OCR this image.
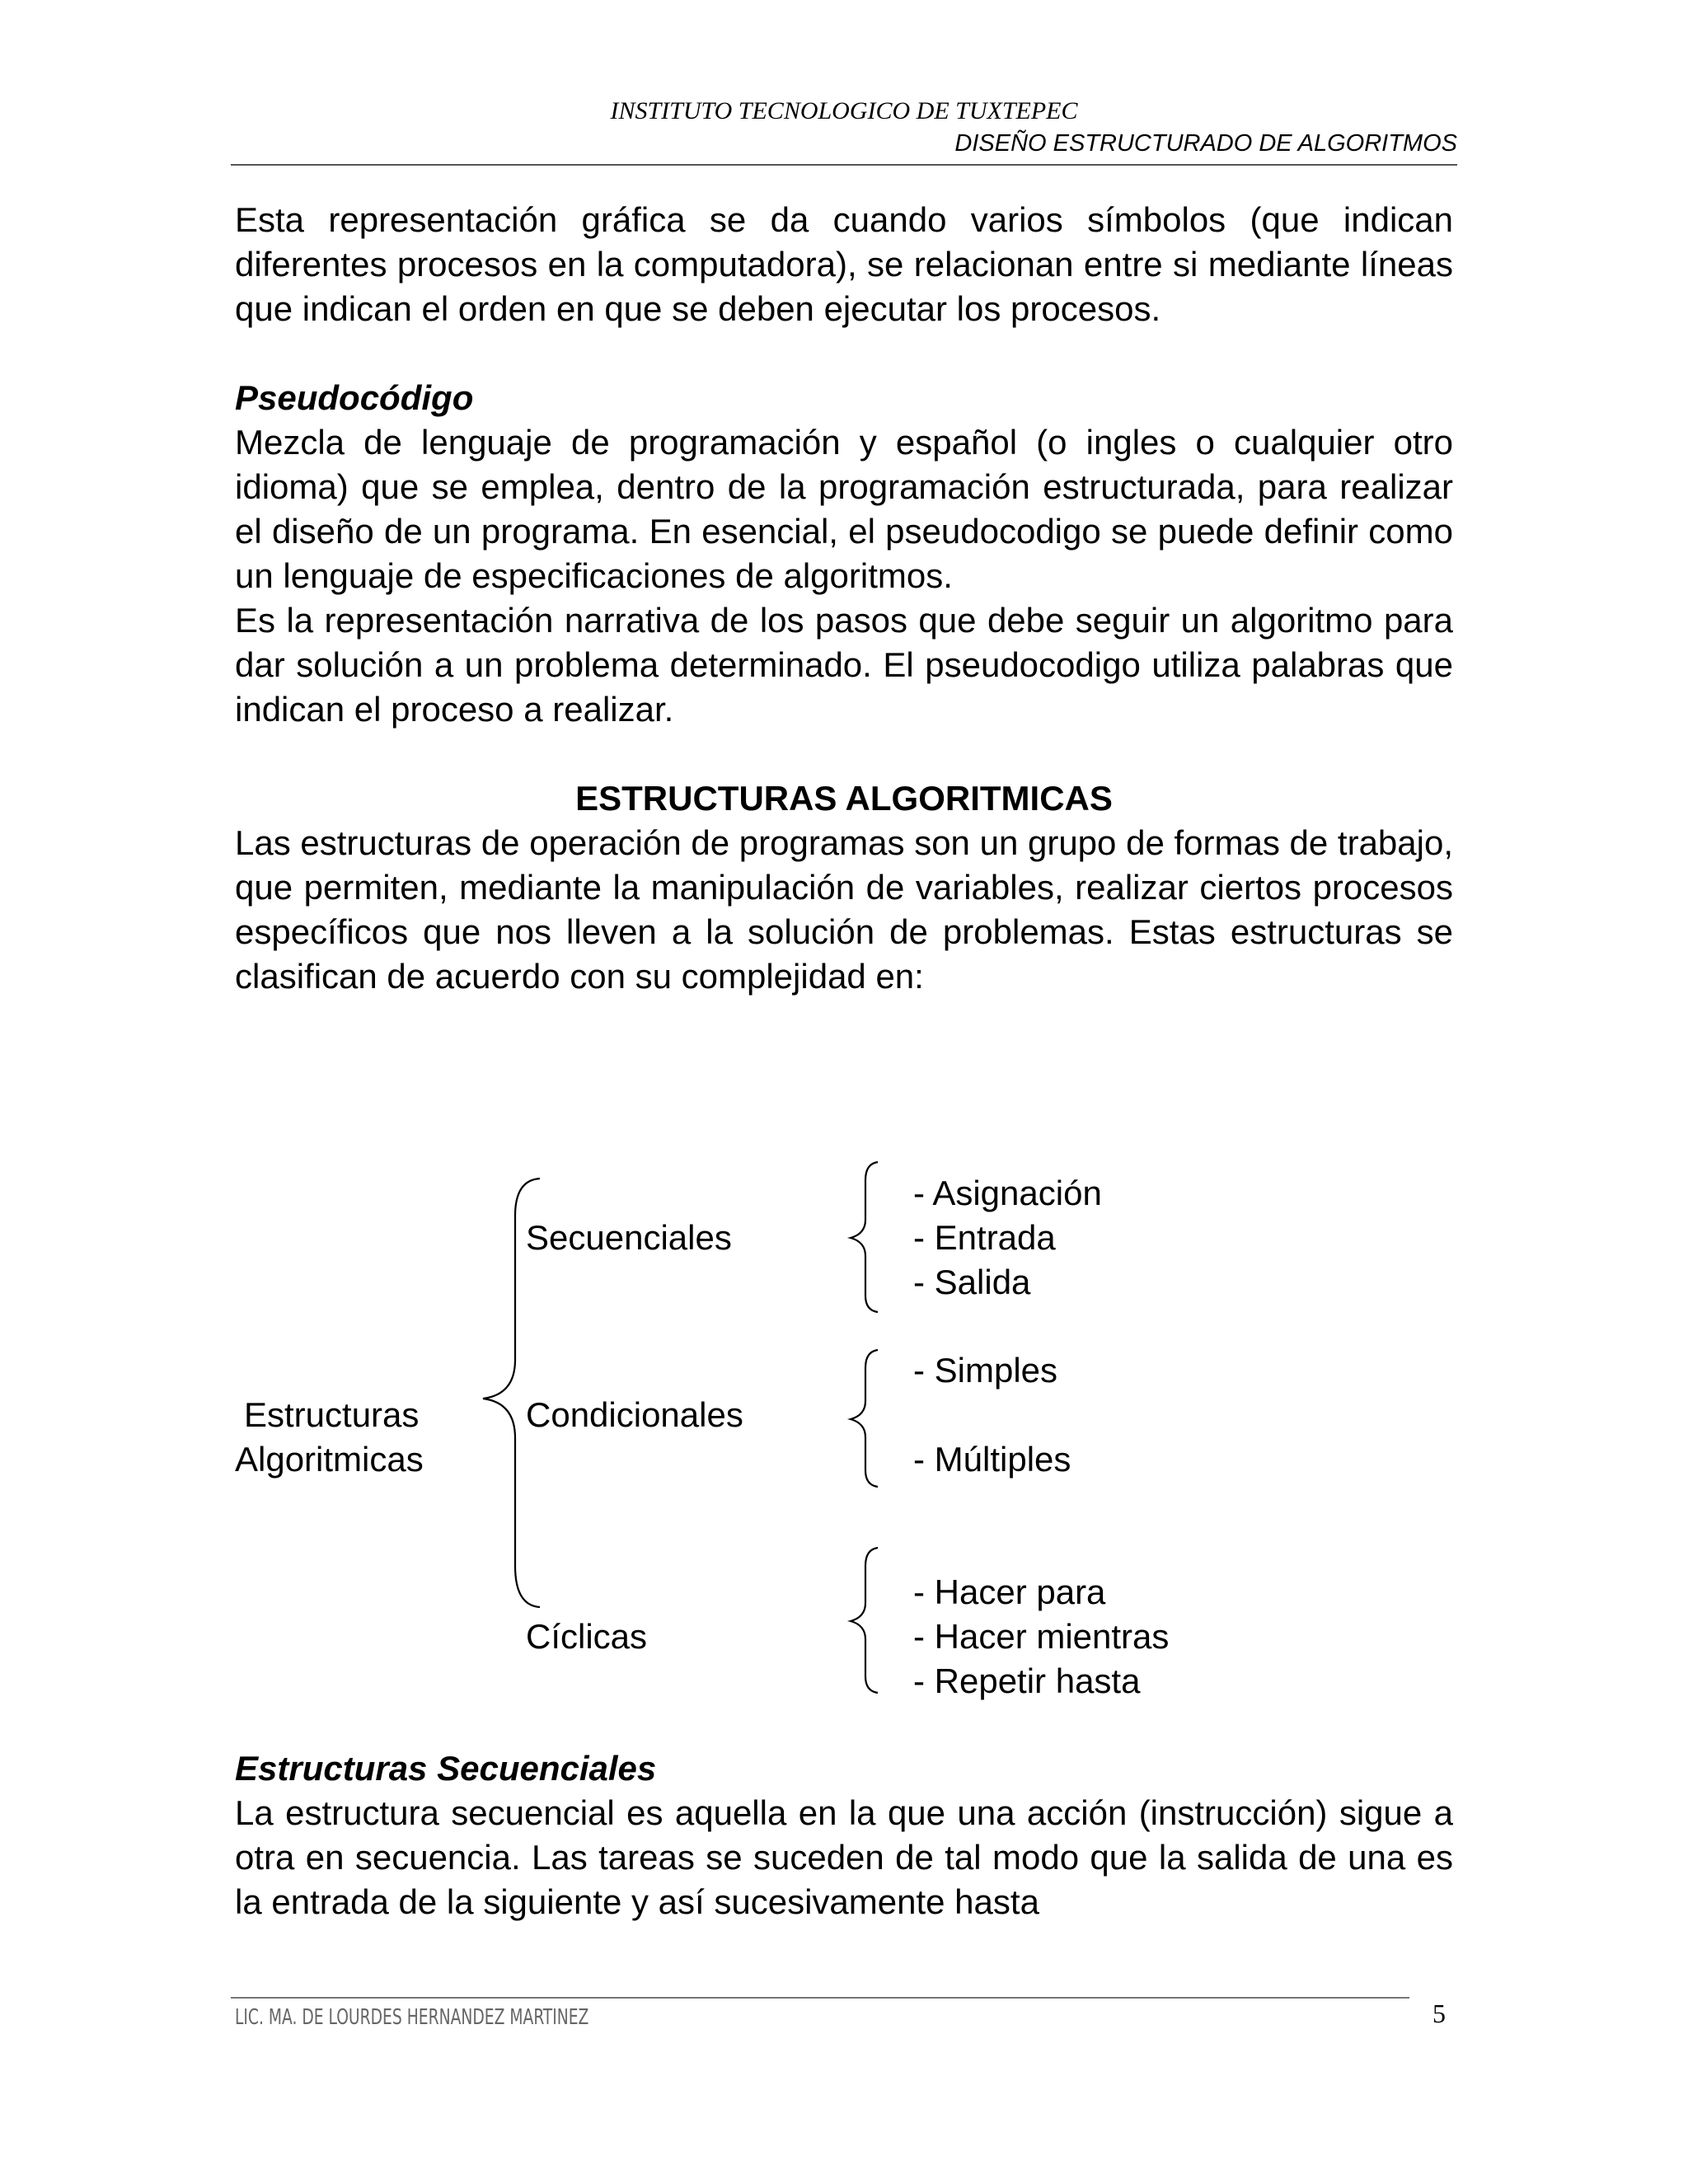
INSTITUTO TECNOLOGICO DE TUXTEPEC
DISEÑO ESTRUCTURADO DE ALGORITMOS

Esta representación gráfica se da cuando varios símbolos (que indican diferentes procesos en la computadora), se relacionan entre si mediante líneas que indican el orden en que se deben ejecutar los procesos.

Pseudocódigo

Mezcla de lenguaje de programación y español (o ingles o cualquier otro idioma) que se emplea, dentro de la programación estructurada, para realizar el diseño de un programa. En esencial, el pseudocodigo se puede definir como un lenguaje de especificaciones de algoritmos.

Es la representación narrativa de los pasos que debe seguir un algoritmo para dar solución a un problema determinado. El pseudocodigo utiliza palabras que indican el proceso a realizar.

ESTRUCTURAS ALGORITMICAS

Las estructuras de operación de programas son un grupo de formas de trabajo, que permiten, mediante la manipulación de variables, realizar ciertos procesos específicos que nos lleven a la solución de problemas. Estas estructuras se clasifican de acuerdo con su complejidad en:

Estructuras
Algoritmicas
Secuenciales
Condicionales
Cíclicas
- Asignación
- Entrada
- Salida
- Simples
- Múltiples
- Hacer para
- Hacer mientras
- Repetir hasta
Estructuras Secuenciales

La estructura secuencial es aquella en la que una acción (instrucción) sigue a otra en secuencia. Las tareas se suceden de tal modo que la salida de una es la entrada de la siguiente y así sucesivamente hasta

LIC. MA. DE LOURDES HERNANDEZ MARTINEZ	5
